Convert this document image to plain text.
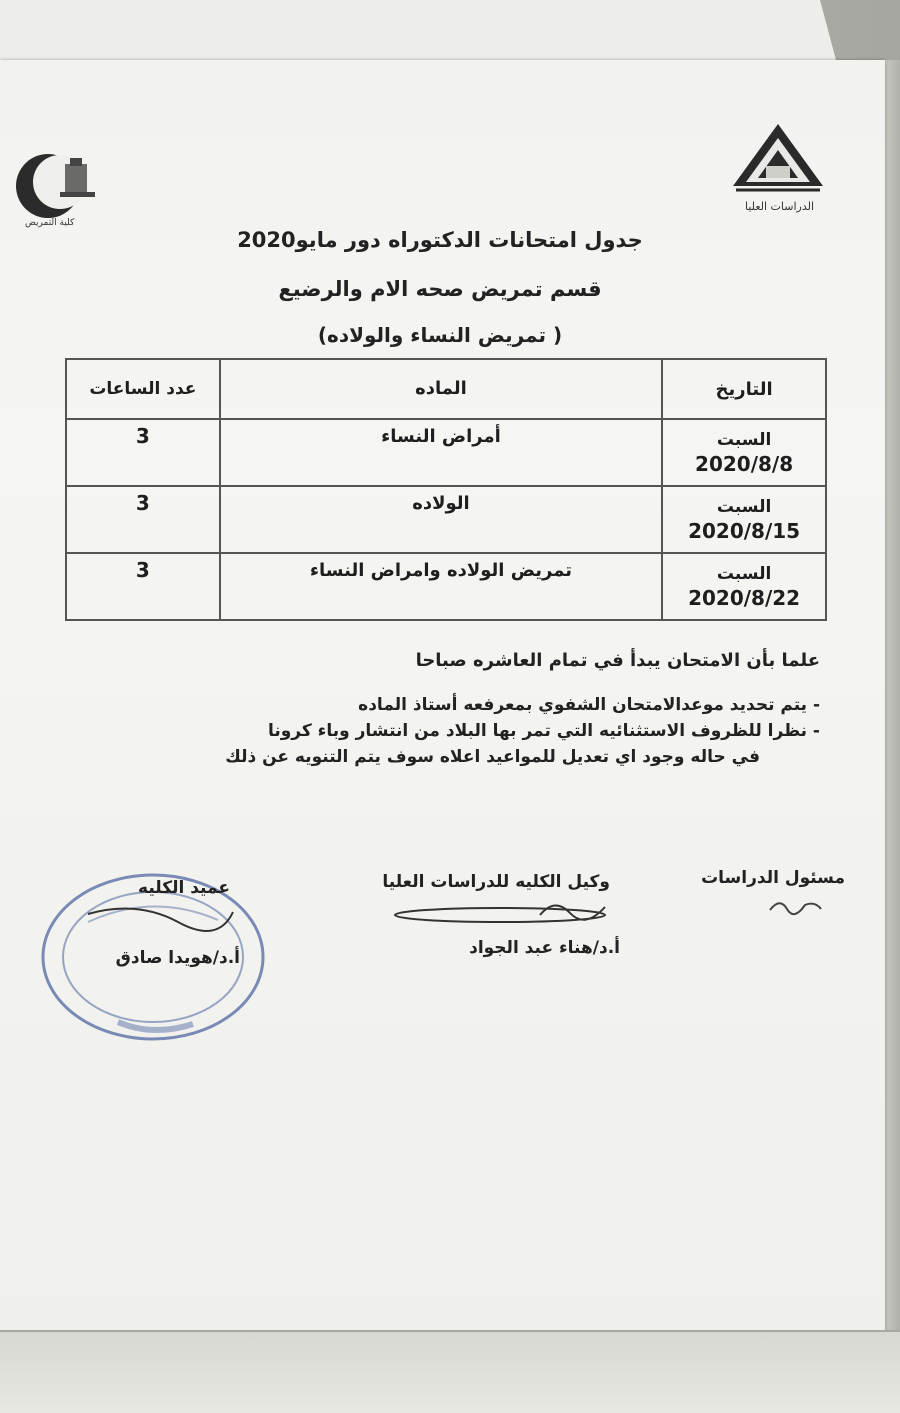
الدراسات العليا
كلية التمريض
جدول امتحانات الدكتوراه دور مايو2020
قسم تمريض صحه الام والرضيع
( تمريض النساء والولاده)
التاريخ	الماده	عدد الساعات

السبت
2020/8/8	أمراض النساء	3

السبت
2020/8/15	الولاده	3

السبت
2020/8/22	تمريض الولاده وامراض النساء	3

علما بأن الامتحان يبدأ في تمام العاشره صباحا

- يتم تحديد موعدالامتحان الشفوي بمعرفعه أستاذ الماده

- نظرا للظروف الاستثنائيه التي تمر بها البلاد من انتشار وباء كرونا

في حاله وجود اي تعديل للمواعيد اعلاه سوف يتم التنويه عن ذلك

مسئول الدراسات
وكيل الكليه للدراسات العليا
أ.د/هناء عبد الجواد
عميد الكليه
أ.د/هويدا صادق
